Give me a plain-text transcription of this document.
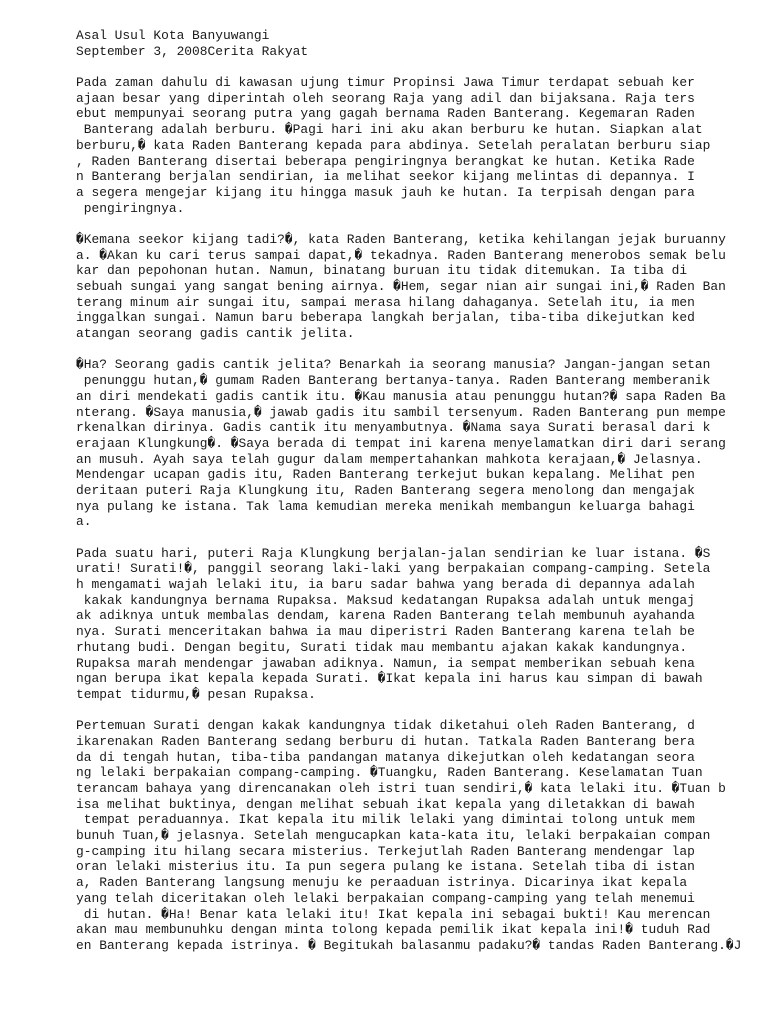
Asal Usul Kota Banyuwangi
September 3, 2008Cerita Rakyat
Pada zaman dahulu di kawasan ujung timur Propinsi Jawa Timur terdapat sebuah ker
ajaan besar yang diperintah oleh seorang Raja yang adil dan bijaksana. Raja ters
ebut mempunyai seorang putra yang gagah bernama Raden Banterang. Kegemaran Raden
Banterang adalah berburu. �Pagi hari ini aku akan berburu ke hutan. Siapkan alat
berburu,� kata Raden Banterang kepada para abdinya. Setelah peralatan berburu siap
, Raden Banterang disertai beberapa pengiringnya berangkat ke hutan. Ketika Rade
n Banterang berjalan sendirian, ia melihat seekor kijang melintas di depannya. I
a segera mengejar kijang itu hingga masuk jauh ke hutan. Ia terpisah dengan para
pengiringnya.
�Kemana seekor kijang tadi?�, kata Raden Banterang, ketika kehilangan jejak buruanny
a. �Akan ku cari terus sampai dapat,� tekadnya. Raden Banterang menerobos semak belu
kar dan pepohonan hutan. Namun, binatang buruan itu tidak ditemukan. Ia tiba di
sebuah sungai yang sangat bening airnya. �Hem, segar nian air sungai ini,� Raden Ban
terang minum air sungai itu, sampai merasa hilang dahaganya. Setelah itu, ia men
inggalkan sungai. Namun baru beberapa langkah berjalan, tiba-tiba dikejutkan ked
atangan seorang gadis cantik jelita.
�Ha? Seorang gadis cantik jelita? Benarkah ia seorang manusia? Jangan-jangan setan
penunggu hutan,� gumam Raden Banterang bertanya-tanya. Raden Banterang memberanik
an diri mendekati gadis cantik itu. �Kau manusia atau penunggu hutan?� sapa Raden Ba
nterang. �Saya manusia,� jawab gadis itu sambil tersenyum. Raden Banterang pun mempe
rkenalkan dirinya. Gadis cantik itu menyambutnya. �Nama saya Surati berasal dari k
erajaan Klungkung�. �Saya berada di tempat ini karena menyelamatkan diri dari serang
an musuh. Ayah saya telah gugur dalam mempertahankan mahkota kerajaan,� Jelasnya.
Mendengar ucapan gadis itu, Raden Banterang terkejut bukan kepalang. Melihat pen
deritaan puteri Raja Klungkung itu, Raden Banterang segera menolong dan mengajak
nya pulang ke istana. Tak lama kemudian mereka menikah membangun keluarga bahagi
a.
Pada suatu hari, puteri Raja Klungkung berjalan-jalan sendirian ke luar istana. �S
urati! Surati!�, panggil seorang laki-laki yang berpakaian compang-camping. Setela
h mengamati wajah lelaki itu, ia baru sadar bahwa yang berada di depannya adalah
kakak kandungnya bernama Rupaksa. Maksud kedatangan Rupaksa adalah untuk mengaj
ak adiknya untuk membalas dendam, karena Raden Banterang telah membunuh ayahanda
nya. Surati menceritakan bahwa ia mau diperistri Raden Banterang karena telah be
rhutang budi. Dengan begitu, Surati tidak mau membantu ajakan kakak kandungnya.
Rupaksa marah mendengar jawaban adiknya. Namun, ia sempat memberikan sebuah kena
ngan berupa ikat kepala kepada Surati. �Ikat kepala ini harus kau simpan di bawah
tempat tidurmu,� pesan Rupaksa.
Pertemuan Surati dengan kakak kandungnya tidak diketahui oleh Raden Banterang, d
ikarenakan Raden Banterang sedang berburu di hutan. Tatkala Raden Banterang bera
da di tengah hutan, tiba-tiba pandangan matanya dikejutkan oleh kedatangan seora
ng lelaki berpakaian compang-camping. �Tuangku, Raden Banterang. Keselamatan Tuan
terancam bahaya yang direncanakan oleh istri tuan sendiri,� kata lelaki itu. �Tuan b
isa melihat buktinya, dengan melihat sebuah ikat kepala yang diletakkan di bawah
tempat peraduannya. Ikat kepala itu milik lelaki yang dimintai tolong untuk mem
bunuh Tuan,� jelasnya. Setelah mengucapkan kata-kata itu, lelaki berpakaian compan
g-camping itu hilang secara misterius. Terkejutlah Raden Banterang mendengar lap
oran lelaki misterius itu. Ia pun segera pulang ke istana. Setelah tiba di istan
a, Raden Banterang langsung menuju ke peraaduan istrinya. Dicarinya ikat kepala
yang telah diceritakan oleh lelaki berpakaian compang-camping yang telah menemui
di hutan. �Ha! Benar kata lelaki itu! Ikat kepala ini sebagai bukti! Kau merencan
akan mau membunuhku dengan minta tolong kepada pemilik ikat kepala ini!� tuduh Rad
en Banterang kepada istrinya. � Begitukah balasanmu padaku?� tandas Raden Banterang.�J
